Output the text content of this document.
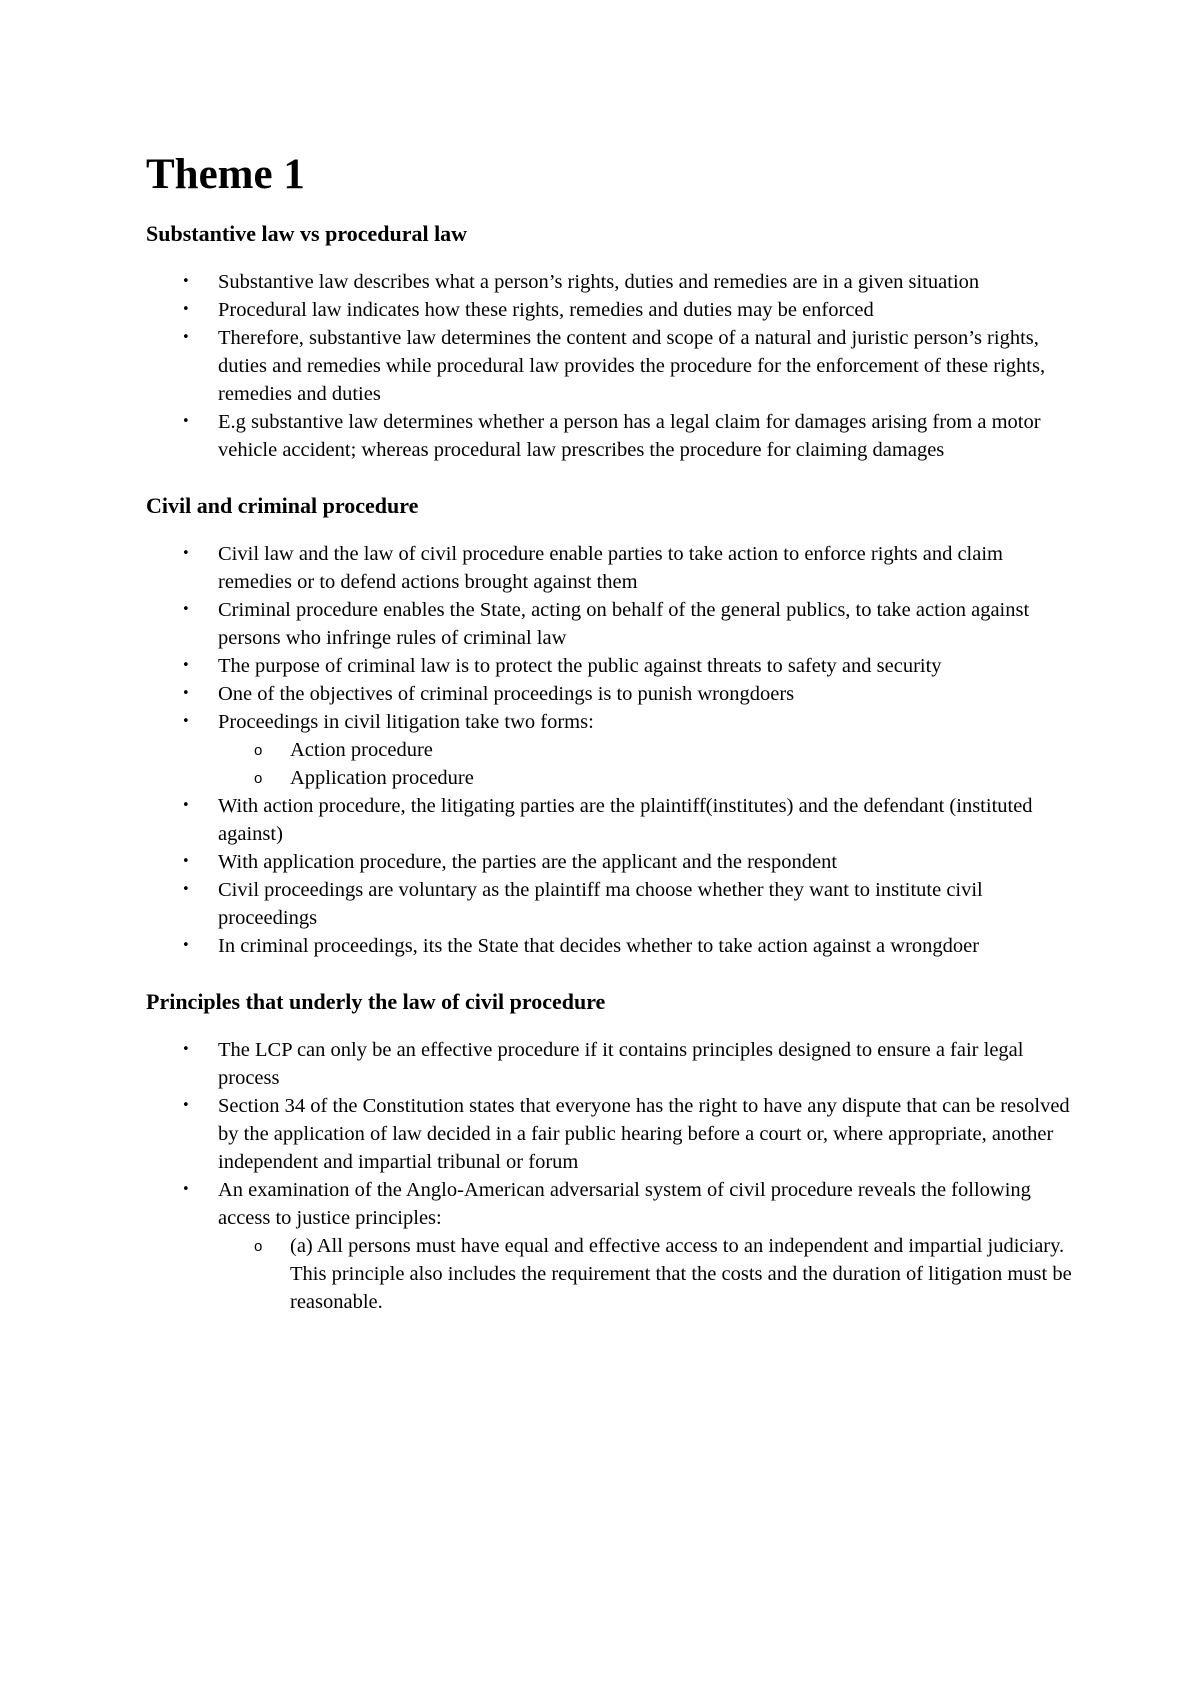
Theme 1
Substantive law vs procedural law
•	Substantive law describes what a person’s rights, duties and remedies are in a given situation
•	Procedural law indicates how these rights, remedies and duties may be enforced
•	Therefore, substantive law determines the content and scope of a natural and juristic person’s rights, duties and remedies while procedural law provides the procedure for the enforcement of these rights, remedies and duties
•	E.g substantive law determines whether a person has a legal claim for damages arising from a motor vehicle accident; whereas procedural law prescribes the procedure for claiming damages
Civil and criminal procedure
•	Civil law and the law of civil procedure enable parties to take action to enforce rights and claim remedies or to defend actions brought against them
•	Criminal procedure enables the State, acting on behalf of the general publics, to take action against persons who infringe rules of criminal law
•	The purpose of criminal law is to protect the public against threats to safety and security
•	One of the objectives of criminal proceedings is to punish wrongdoers
•	Proceedings in civil litigation take two forms:
o Action procedure
o Application procedure
•	With action procedure, the litigating parties are the plaintiff(institutes) and the defendant (instituted against)
•	With application procedure, the parties are the applicant and the respondent
•	Civil proceedings are voluntary as the plaintiff ma choose whether they want to institute civil proceedings
•	In criminal proceedings, its the State that decides whether to take action against a wrongdoer
Principles that underly the law of civil procedure
•	The LCP can only be an effective procedure if it contains principles designed to ensure a fair legal process
•	Section 34 of the Constitution states that everyone has the right to have any dispute that can be resolved by the application of law decided in a fair public hearing before a court or, where appropriate, another independent and impartial tribunal or forum
•	An examination of the Anglo-American adversarial system of civil procedure reveals the following access to justice principles:
o (a) All persons must have equal and effective access to an independent and impartial judiciary. This principle also includes the requirement that the costs and the duration of litigation must be reasonable.
